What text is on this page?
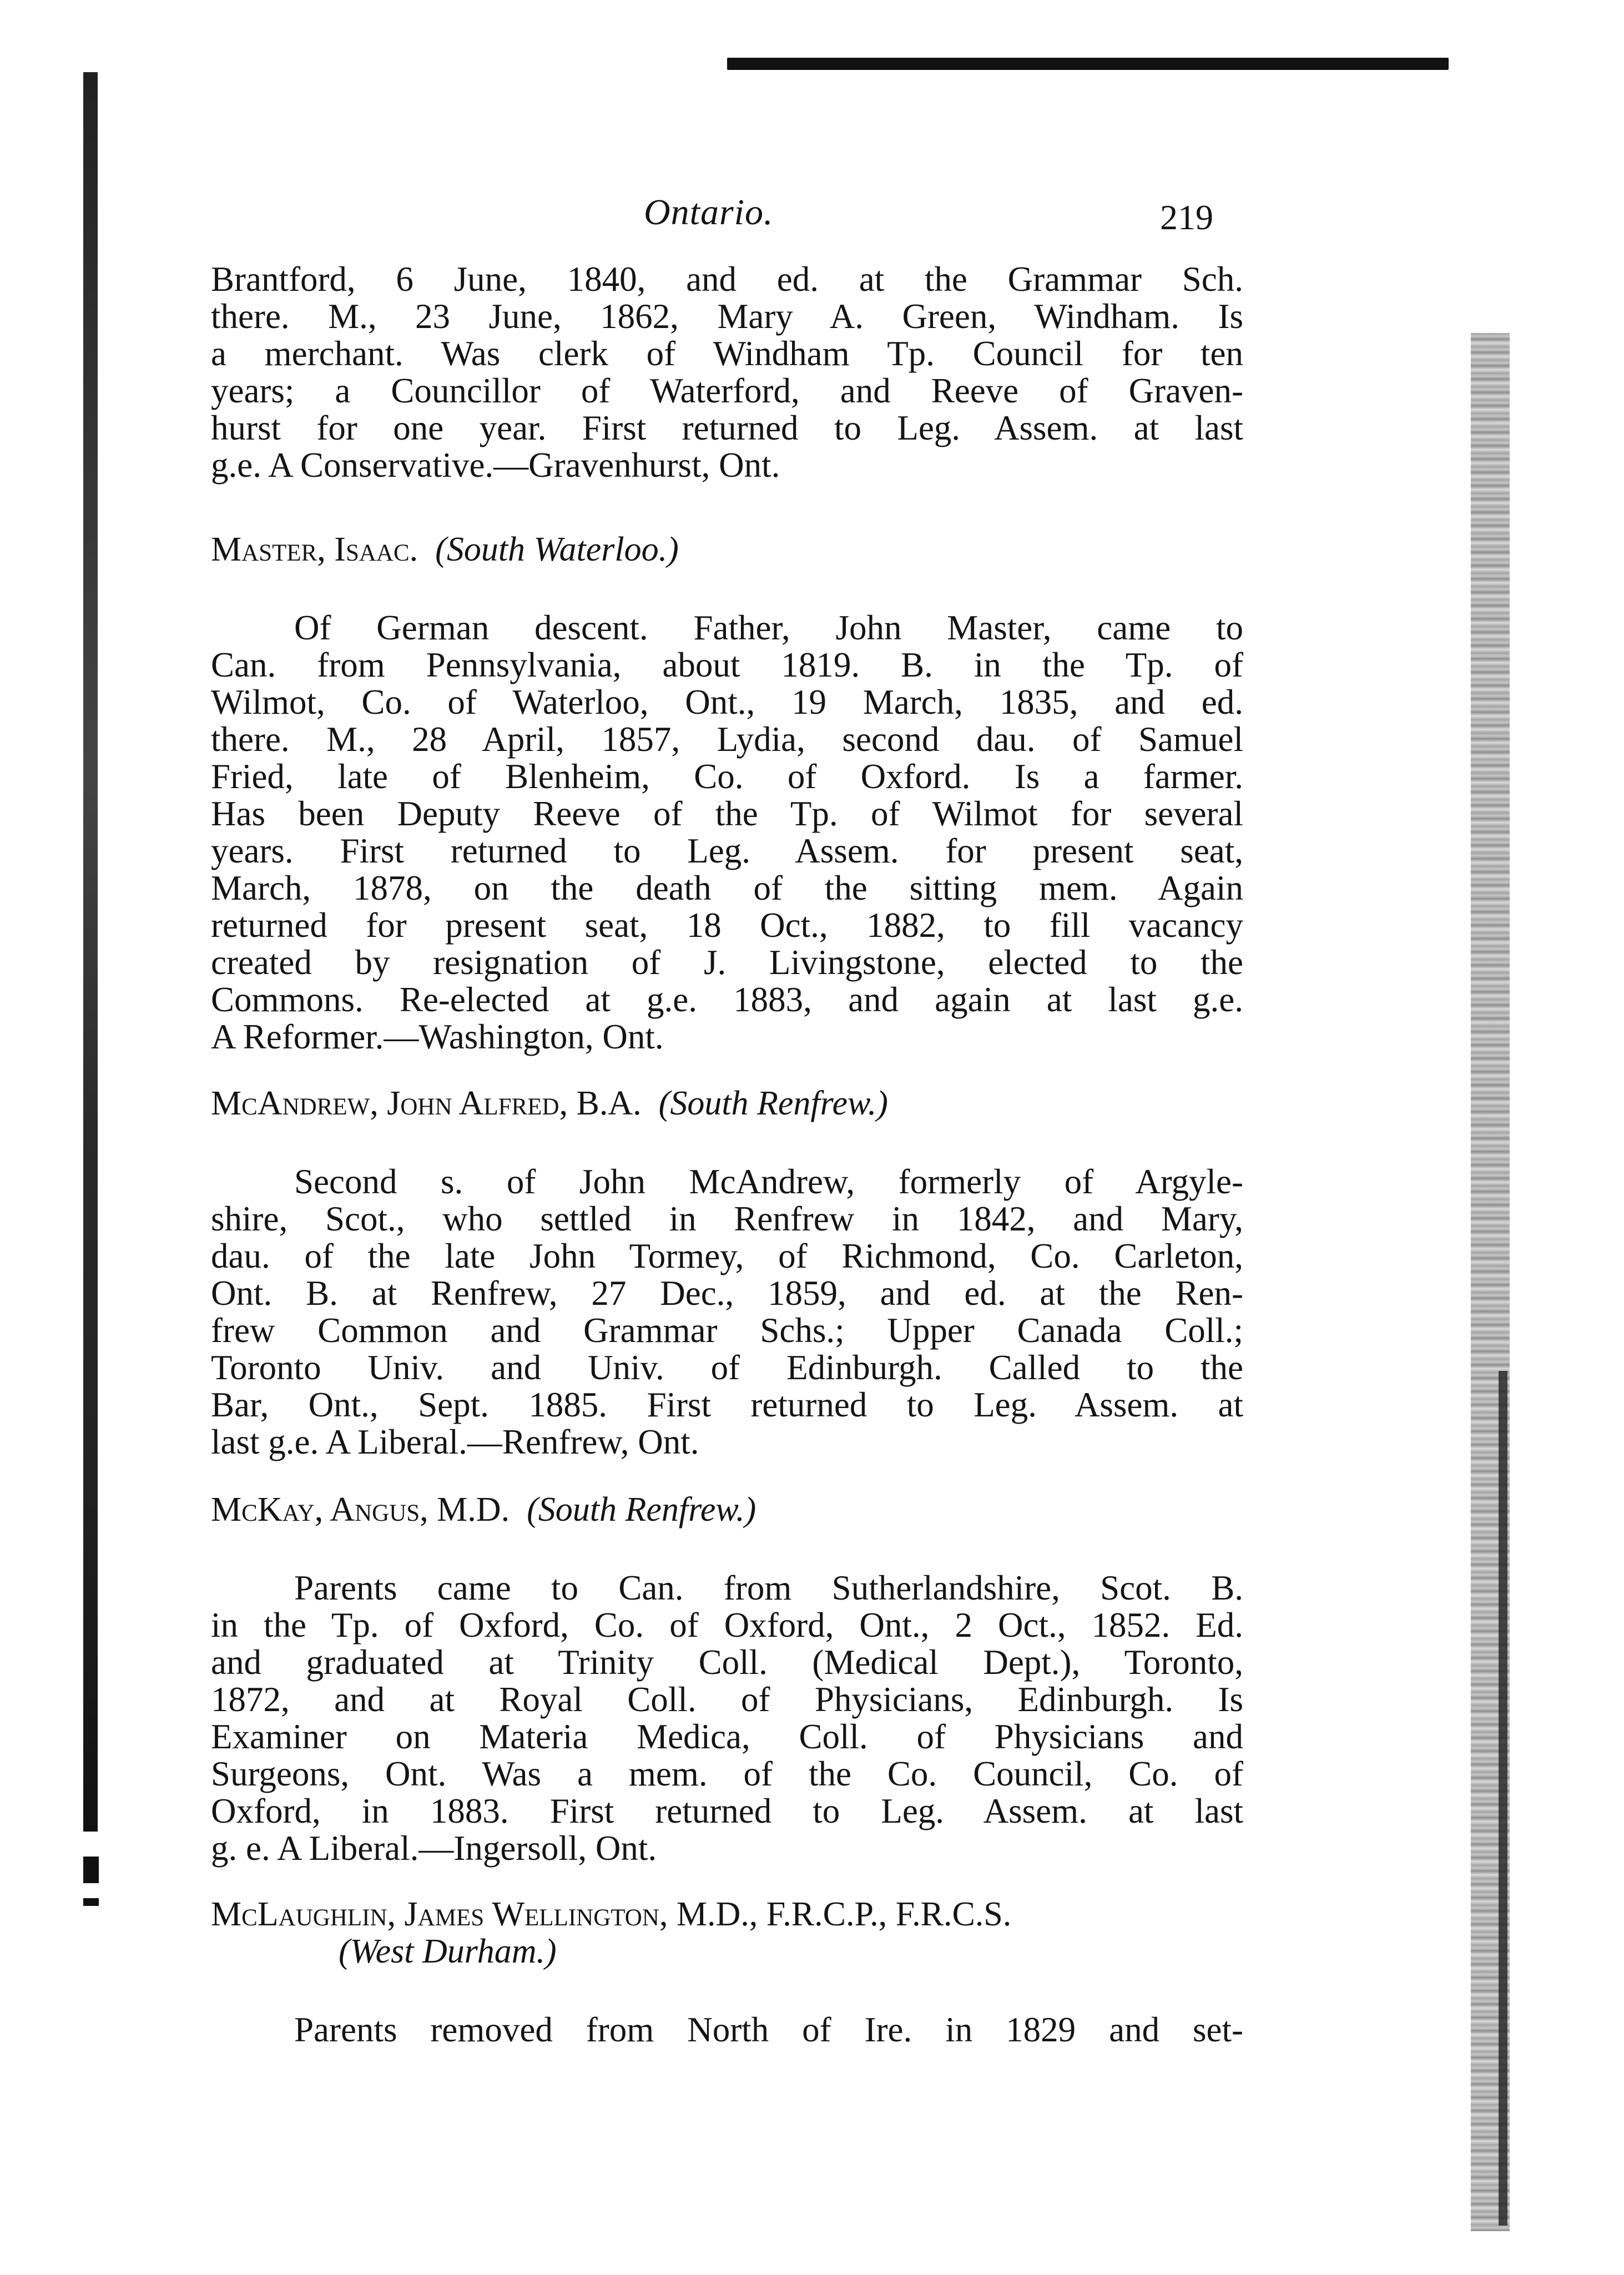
Ontario.	219
Brantford, 6 June, 1840, and ed. at the Grammar Sch.
there. M., 23 June, 1862, Mary A. Green, Windham. Is
a merchant. Was clerk of Windham Tp. Council for ten
years; a Councillor of Waterford, and Reeve of Graven-
hurst for one year. First returned to Leg. Assem. at last
g.e. A Conservative.—Gravenhurst, Ont.
Master, Isaac. (South Waterloo.)
Of German descent. Father, John Master, came to
Can. from Pennsylvania, about 1819. B. in the Tp. of
Wilmot, Co. of Waterloo, Ont., 19 March, 1835, and ed.
there. M., 28 April, 1857, Lydia, second dau. of Samuel
Fried, late of Blenheim, Co. of Oxford. Is a farmer.
Has been Deputy Reeve of the Tp. of Wilmot for several
years. First returned to Leg. Assem. for present seat,
March, 1878, on the death of the sitting mem. Again
returned for present seat, 18 Oct., 1882, to fill vacancy
created by resignation of J. Livingstone, elected to the
Commons. Re-elected at g.e. 1883, and again at last g.e.
A Reformer.—Washington, Ont.
McAndrew, John Alfred, B.A. (South Renfrew.)
Second s. of John McAndrew, formerly of Argyle-
shire, Scot., who settled in Renfrew in 1842, and Mary,
dau. of the late John Tormey, of Richmond, Co. Carleton,
Ont. B. at Renfrew, 27 Dec., 1859, and ed. at the Ren-
frew Common and Grammar Schs.; Upper Canada Coll.;
Toronto Univ. and Univ. of Edinburgh. Called to the
Bar, Ont., Sept. 1885. First returned to Leg. Assem. at
last g.e. A Liberal.—Renfrew, Ont.
McKay, Angus, M.D. (South Renfrew.)
Parents came to Can. from Sutherlandshire, Scot. B.
in the Tp. of Oxford, Co. of Oxford, Ont., 2 Oct., 1852. Ed.
and graduated at Trinity Coll. (Medical Dept.), Toronto,
1872, and at Royal Coll. of Physicians, Edinburgh. Is
Examiner on Materia Medica, Coll. of Physicians and
Surgeons, Ont. Was a mem. of the Co. Council, Co. of
Oxford, in 1883. First returned to Leg. Assem. at last
g. e. A Liberal.—Ingersoll, Ont.
McLaughlin, James Wellington, M.D., F.R.C.P., F.R.C.S.
(West Durham.)
Parents removed from North of Ire. in 1829 and set-
